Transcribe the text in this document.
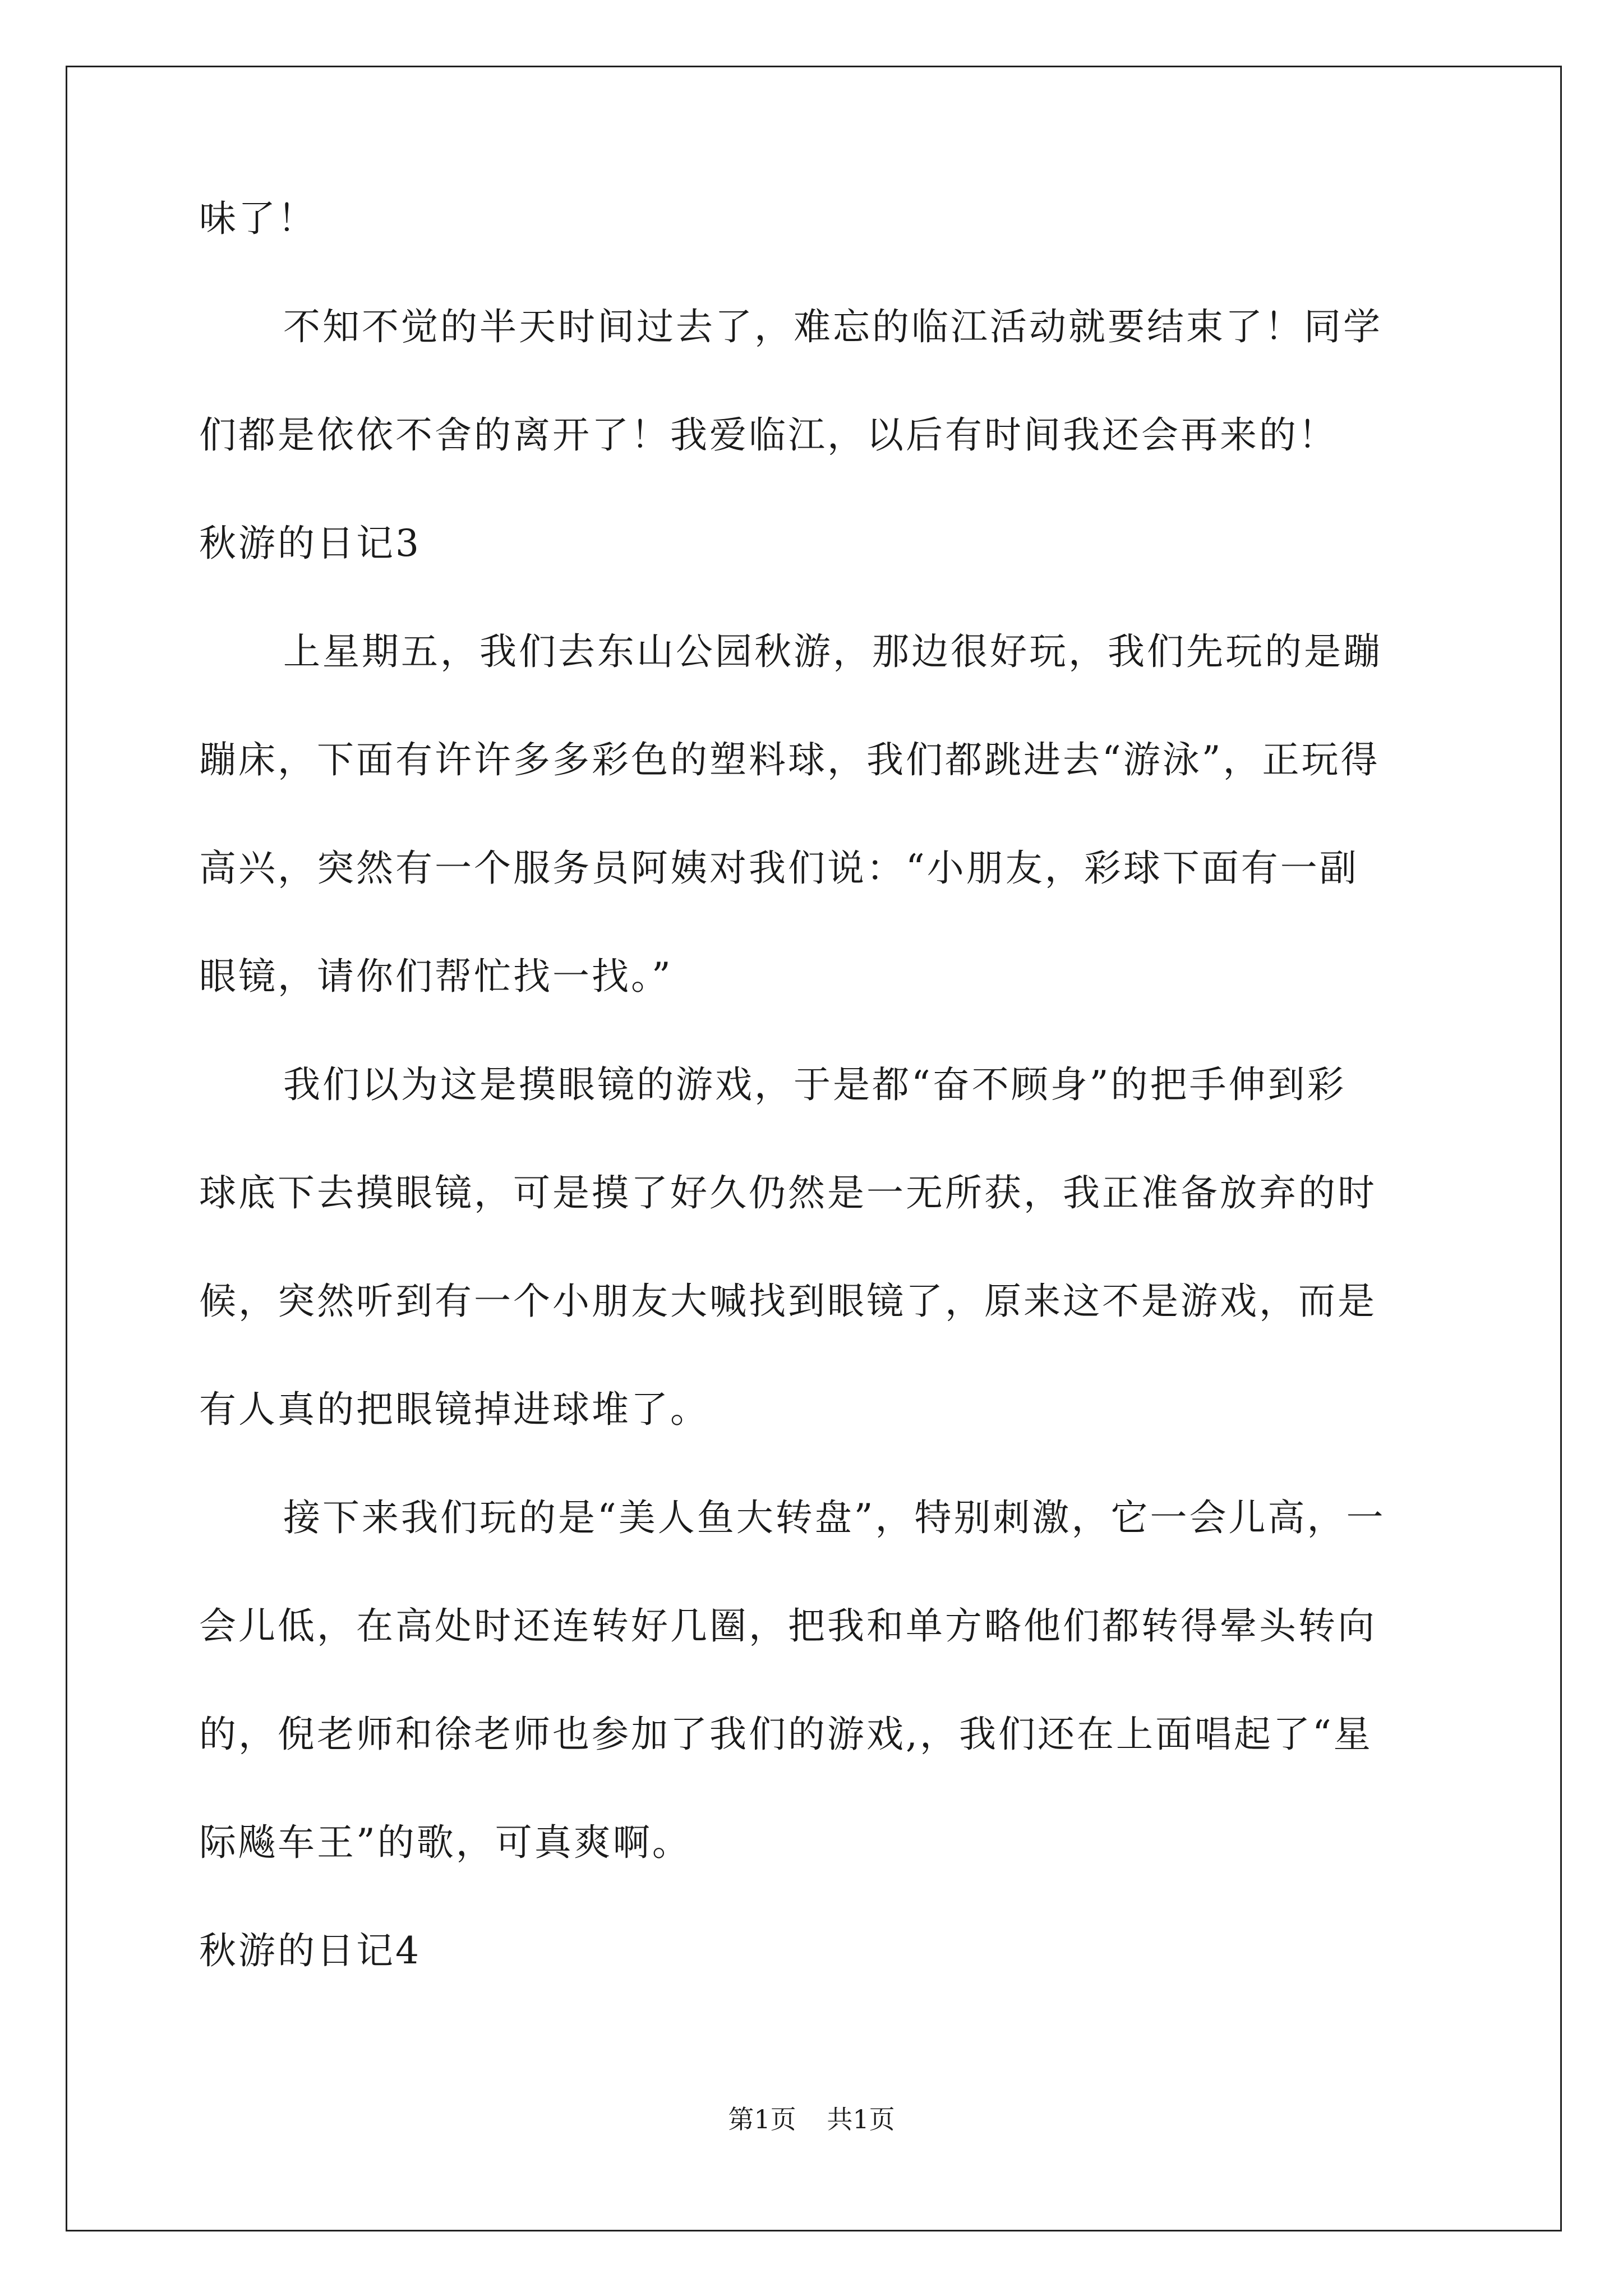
味了！

不知不觉的半天时间过去了，难忘的临江活动就要结束了！同学

们都是依依不舍的离开了！我爱临江，以后有时间我还会再来的！

秋游的日记3

上星期五，我们去东山公园秋游，那边很好玩，我们先玩的是蹦

蹦床，下面有许许多多彩色的塑料球，我们都跳进去“游泳”，正玩得

高兴，突然有一个服务员阿姨对我们说：“小朋友，彩球下面有一副

眼镜，请你们帮忙找一找。”

我们以为这是摸眼镜的游戏，于是都“奋不顾身”的把手伸到彩

球底下去摸眼镜，可是摸了好久仍然是一无所获，我正准备放弃的时

候，突然听到有一个小朋友大喊找到眼镜了，原来这不是游戏，而是

有人真的把眼镜掉进球堆了。

接下来我们玩的是“美人鱼大转盘”，特别刺激，它一会儿高，一

会儿低，在高处时还连转好几圈，把我和单方略他们都转得晕头转向

的，倪老师和徐老师也参加了我们的游戏,，我们还在上面唱起了“星

际飚车王”的歌，可真爽啊。

秋游的日记4

第1页 共1页
